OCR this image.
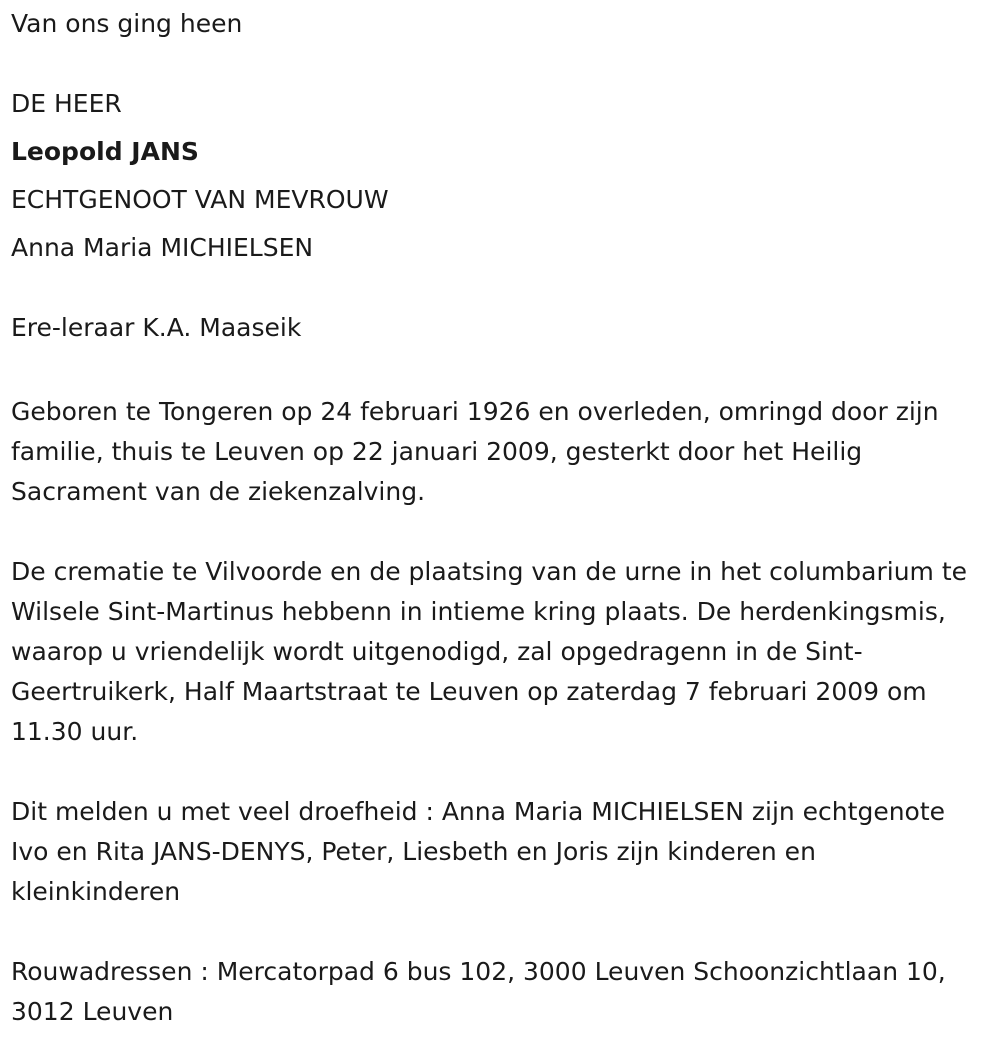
Van ons ging heen

DE HEER

Leopold JANS

ECHTGENOOT VAN MEVROUW

Anna Maria MICHIELSEN

Ere-leraar K.A. Maaseik

Geboren te Tongeren op 24 februari 1926 en overleden, omringd door zijn familie, thuis te Leuven op 22 januari 2009, gesterkt door het Heilig Sacrament van de ziekenzalving.

De crematie te Vilvoorde en de plaatsing van de urne in het columbarium te Wilsele Sint-Martinus hebbenn in intieme kring plaats. De herdenkingsmis, waarop u vriendelijk wordt uitgenodigd, zal opgedragenn in de Sint-Geertruikerk, Half Maartstraat te Leuven op zaterdag 7 februari 2009 om 11.30 uur.

Dit melden u met veel droefheid : Anna Maria MICHIELSEN zijn echtgenote Ivo en Rita JANS-DENYS, Peter, Liesbeth en Joris zijn kinderen en kleinkinderen

Rouwadressen : Mercatorpad 6 bus 102, 3000 Leuven Schoonzichtlaan 10, 3012 Leuven
